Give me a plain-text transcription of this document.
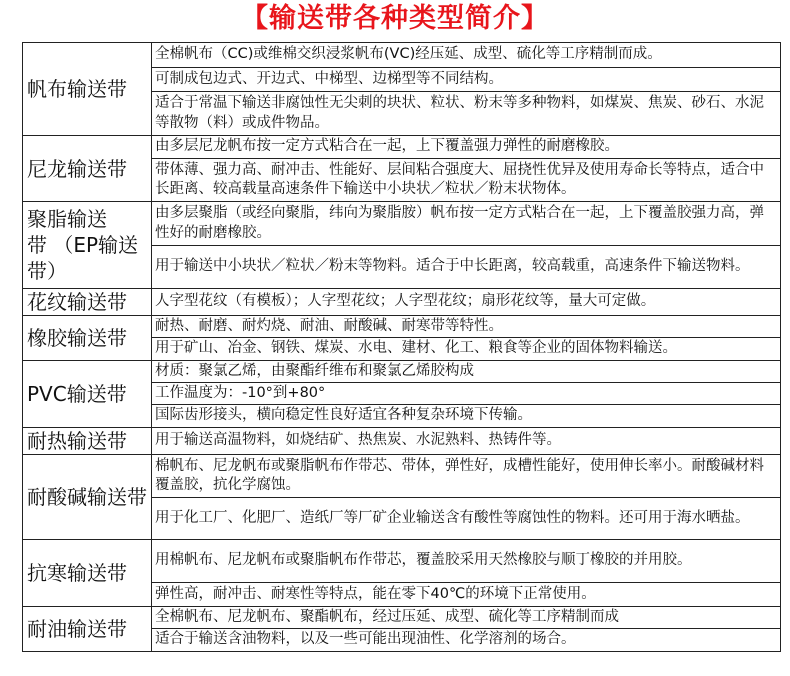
【输送带各种类型简介】
帆布输送带	全棉帆布（CC)或维棉交织浸浆帆布(VC)经压延、成型、硫化等工序精制而成。
	可制成包边式、开边式、中梯型、边梯型等不同结构。
	适合于常温下输送非腐蚀性无尖刺的块状、粒状、粉末等多种物料，如煤炭、焦炭、砂石、水泥等散物（料）或成件物品。
尼龙输送带	由多层尼龙帆布按一定方式粘合在一起，上下覆盖强力弹性的耐磨橡胶。
	带体薄、强力高、耐冲击、性能好、层间粘合强度大、屈挠性优异及使用寿命长等特点，适合中长距离、较高载量高速条件下输送中小块状／粒状／粉末状物体。

聚脂输送
带 （EP输送
带）	由多层聚脂（或经向聚脂，纬向为聚脂胺）帆布按一定方式粘合在一起，上下覆盖胶强力高，弹性好的耐磨橡胶。
	用于输送中小块状／粒状／粉末等物料。适合于中长距离，较高载重，高速条件下输送物料。
花纹输送带	人字型花纹（有模板）；人字型花纹；人字型花纹；扇形花纹等，量大可定做。
橡胶输送带	耐热、耐磨、耐灼烧、耐油、耐酸碱、耐寒带等特性。
	用于矿山、冶金、钢铁、煤炭、水电、建材、化工、粮食等企业的固体物料输送。
PVC输送带	材质：聚氯乙烯，由聚酯纤维布和聚氯乙烯胶构成
	工作温度为：-10°到+80°
	国际齿形接头，横向稳定性良好适宜各种复杂环境下传输。
耐热输送带	用于输送高温物料，如烧结矿、热焦炭、水泥熟料、热铸件等。
耐酸碱输送带	棉帆布、尼龙帆布或聚脂帆布作带芯、带体，弹性好，成槽性能好，使用伸长率小。耐酸碱材料覆盖胶，抗化学腐蚀。
	用于化工厂、化肥厂、造纸厂等厂矿企业输送含有酸性等腐蚀性的物料。还可用于海水晒盐。
抗寒输送带	用棉帆布、尼龙帆布或聚脂帆布作带芯，覆盖胶采用天然橡胶与顺丁橡胶的并用胶。
	弹性高，耐冲击、耐寒性等特点，能在零下40℃的环境下正常使用。
耐油输送带	全棉帆布、尼龙帆布、聚酯帆布，经过压延、成型、硫化等工序精制而成
	适合于输送含油物料，以及一些可能出现油性、化学溶剂的场合。
